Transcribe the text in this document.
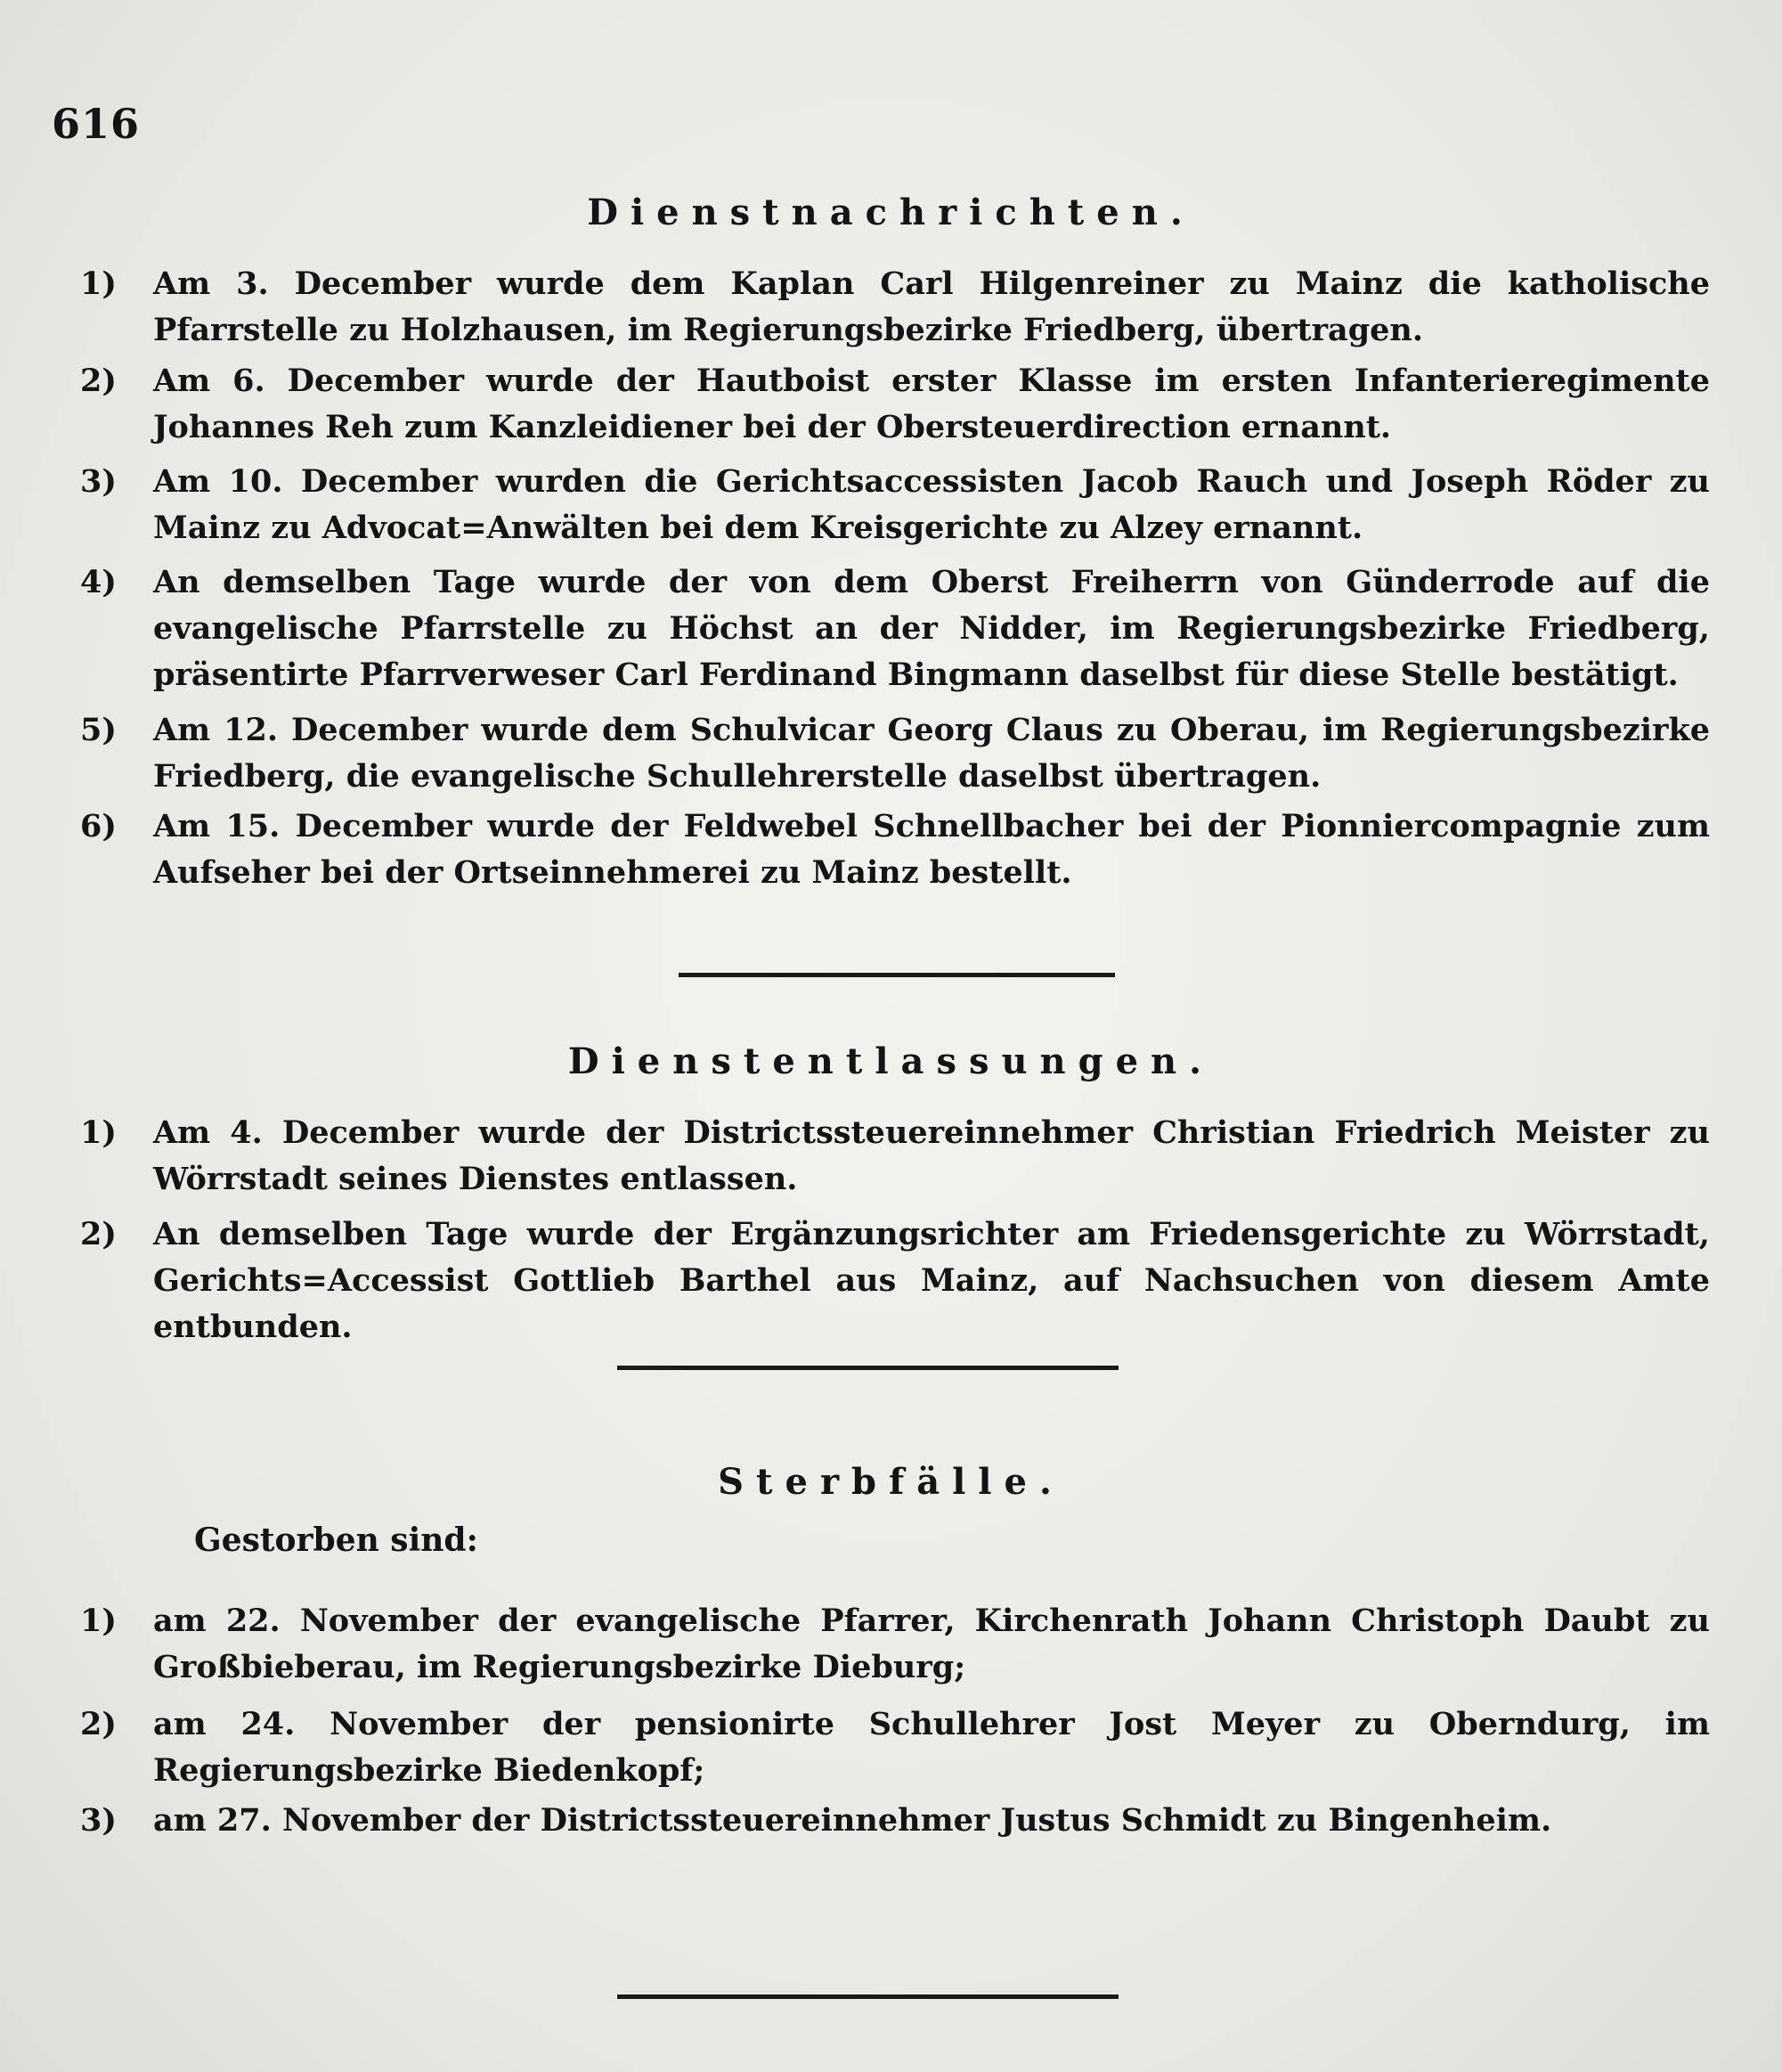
616
Dienstnachrichten.
1)	Am 3. December wurde dem Kaplan Carl Hilgenreiner zu Mainz die katholische Pfarrstelle zu Holzhausen, im Regierungsbezirke Friedberg, übertragen.
2)	Am 6. December wurde der Hautboist erster Klasse im ersten Infanterieregimente Johannes Reh zum Kanzleidiener bei der Obersteuerdirection ernannt.
3)	Am 10. December wurden die Gerichtsaccessisten Jacob Rauch und Joseph Röder zu Mainz zu Advocat=Anwälten bei dem Kreisgerichte zu Alzey ernannt.
4)	An demselben Tage wurde der von dem Oberst Freiherrn von Günderrode auf die evangelische Pfarrstelle zu Höchst an der Nidder, im Regierungsbezirke Friedberg, präsentirte Pfarrverweser Carl Ferdinand Bingmann daselbst für diese Stelle bestätigt.
5)	Am 12. December wurde dem Schulvicar Georg Claus zu Oberau, im Regierungsbezirke Friedberg, die evangelische Schullehrerstelle daselbst übertragen.
6)	Am 15. December wurde der Feldwebel Schnellbacher bei der Pionniercompagnie zum Aufseher bei der Ortseinnehmerei zu Mainz bestellt.
Dienstentlassungen.
1)	Am 4. December wurde der Districtssteuereinnehmer Christian Friedrich Meister zu Wörrstadt seines Dienstes entlassen.
2)	An demselben Tage wurde der Ergänzungsrichter am Friedensgerichte zu Wörrstadt, Gerichts=Accessist Gottlieb Barthel aus Mainz, auf Nachsuchen von diesem Amte entbunden.
Sterbfälle.
Gestorben sind:
1)	am 22. November der evangelische Pfarrer, Kirchenrath Johann Christoph Daubt zu Großbieberau, im Regierungsbezirke Dieburg;
2)	am 24. November der pensionirte Schullehrer Jost Meyer zu Oberndurg, im Regierungsbezirke Biedenkopf;
3)	am 27. November der Districtssteuereinnehmer Justus Schmidt zu Bingenheim.
